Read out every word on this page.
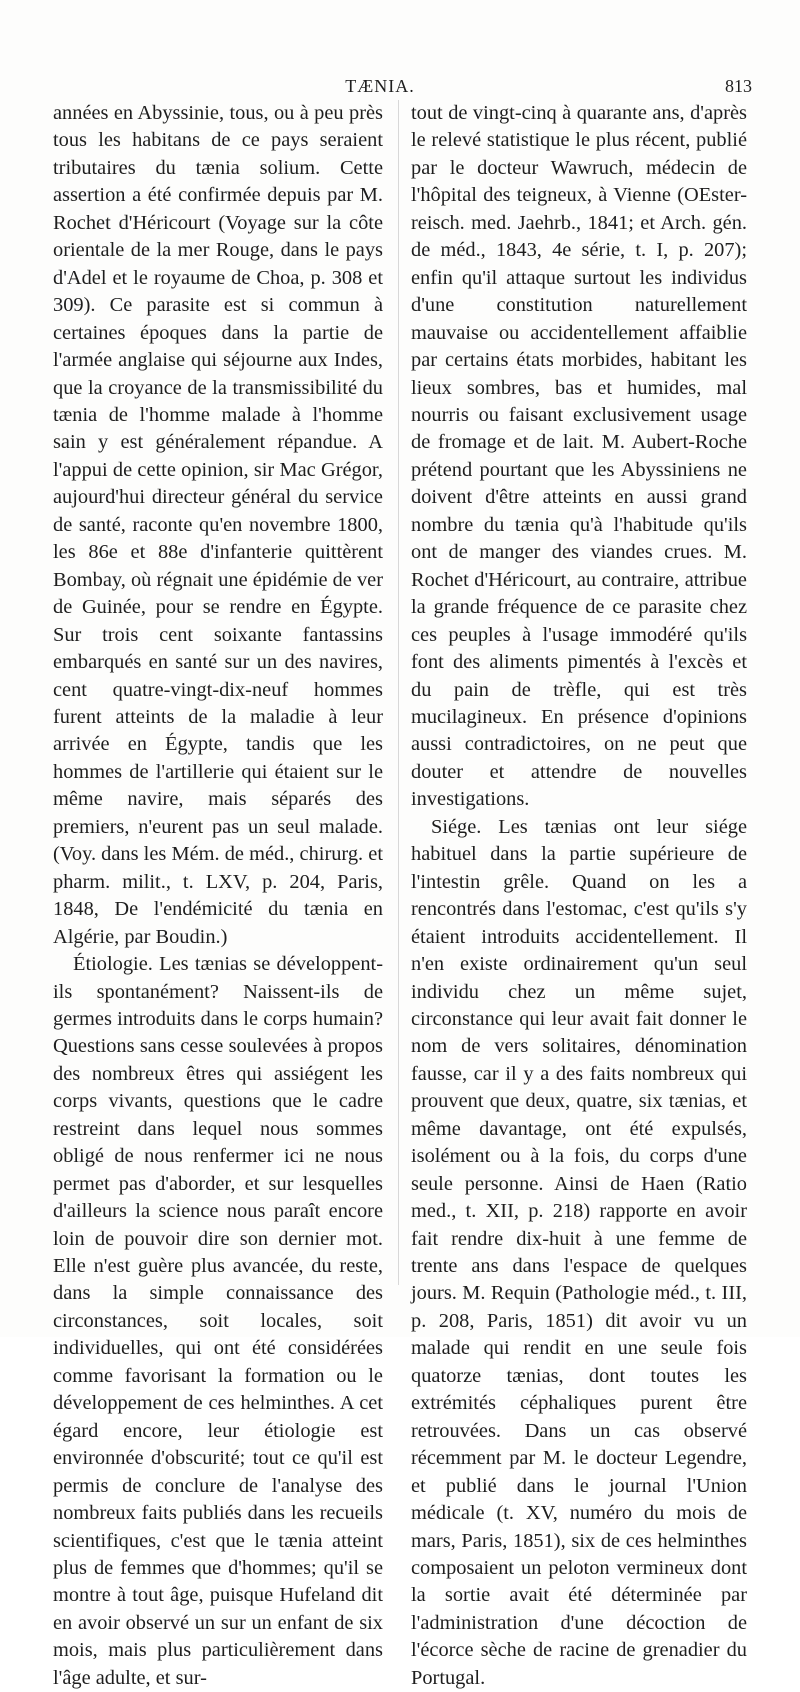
TÆNIA.	813

années en Abyssinie, tous, ou à peu près tous les habitans de ce pays seraient tributaires du tænia solium. Cette assertion a été confirmée depuis par M. Rochet d'Héricourt (Voyage sur la côte orientale de la mer Rouge, dans le pays d'Adel et le royaume de Choa, p. 308 et 309). Ce parasite est si commun à certaines époques dans la partie de l'armée anglaise qui séjourne aux Indes, que la croyance de la transmissibilité du tænia de l'homme malade à l'homme sain y est généralement répandue. A l'appui de cette opinion, sir Mac Grégor, aujourd'hui directeur général du service de santé, raconte qu'en novembre 1800, les 86e et 88e d'infanterie quittèrent Bombay, où régnait une épidémie de ver de Guinée, pour se rendre en Égypte. Sur trois cent soixante fantassins embarqués en santé sur un des navires, cent quatre-vingt-dix-neuf hommes furent atteints de la maladie à leur arrivée en Égypte, tandis que les hommes de l'artillerie qui étaient sur le même navire, mais séparés des premiers, n'eurent pas un seul malade. (Voy. dans les Mém. de méd., chirurg. et pharm. milit., t. LXV, p. 204, Paris, 1848, De l'endémicité du tænia en Algérie, par Boudin.)

Étiologie. Les tænias se développent-ils spontanément? Naissent-ils de germes introduits dans le corps humain? Questions sans cesse soulevées à propos des nombreux êtres qui assiégent les corps vivants, questions que le cadre restreint dans lequel nous sommes obligé de nous renfermer ici ne nous permet pas d'aborder, et sur lesquelles d'ailleurs la science nous paraît encore loin de pouvoir dire son dernier mot. Elle n'est guère plus avancée, du reste, dans la simple connaissance des circonstances, soit locales, soit individuelles, qui ont été considérées comme favorisant la formation ou le développement de ces helminthes. A cet égard encore, leur étiologie est environnée d'obscurité; tout ce qu'il est permis de conclure de l'analyse des nombreux faits publiés dans les recueils scientifiques, c'est que le tænia atteint plus de femmes que d'hommes; qu'il se montre à tout âge, puisque Hufeland dit en avoir observé un sur un enfant de six mois, mais plus particulièrement dans l'âge adulte, et sur-

tout de vingt-cinq à quarante ans, d'après le relevé statistique le plus récent, publié par le docteur Wawruch, médecin de l'hôpital des teigneux, à Vienne (OEster-reisch. med. Jaehrb., 1841; et Arch. gén. de méd., 1843, 4e série, t. I, p. 207); enfin qu'il attaque surtout les individus d'une constitution naturellement mauvaise ou accidentellement affaiblie par certains états morbides, habitant les lieux sombres, bas et humides, mal nourris ou faisant exclusivement usage de fromage et de lait. M. Aubert-Roche prétend pourtant que les Abyssiniens ne doivent d'être atteints en aussi grand nombre du tænia qu'à l'habitude qu'ils ont de manger des viandes crues. M. Rochet d'Héricourt, au contraire, attribue la grande fréquence de ce parasite chez ces peuples à l'usage immodéré qu'ils font des aliments pimentés à l'excès et du pain de trèfle, qui est très mucilagineux. En présence d'opinions aussi contradictoires, on ne peut que douter et attendre de nouvelles investigations.

Siége. Les tænias ont leur siége habituel dans la partie supérieure de l'intestin grêle. Quand on les a rencontrés dans l'estomac, c'est qu'ils s'y étaient introduits accidentellement. Il n'en existe ordinairement qu'un seul individu chez un même sujet, circonstance qui leur avait fait donner le nom de vers solitaires, dénomination fausse, car il y a des faits nombreux qui prouvent que deux, quatre, six tænias, et même davantage, ont été expulsés, isolément ou à la fois, du corps d'une seule personne. Ainsi de Haen (Ratio med., t. XII, p. 218) rapporte en avoir fait rendre dix-huit à une femme de trente ans dans l'espace de quelques jours. M. Requin (Pathologie méd., t. III, p. 208, Paris, 1851) dit avoir vu un malade qui rendit en une seule fois quatorze tænias, dont toutes les extrémités céphaliques purent être retrouvées. Dans un cas observé récemment par M. le docteur Legendre, et publié dans le journal l'Union médicale (t. XV, numéro du mois de mars, Paris, 1851), six de ces helminthes composaient un peloton vermineux dont la sortie avait été déterminée par l'administration d'une décoction de l'écorce sèche de racine de grenadier du Portugal.
